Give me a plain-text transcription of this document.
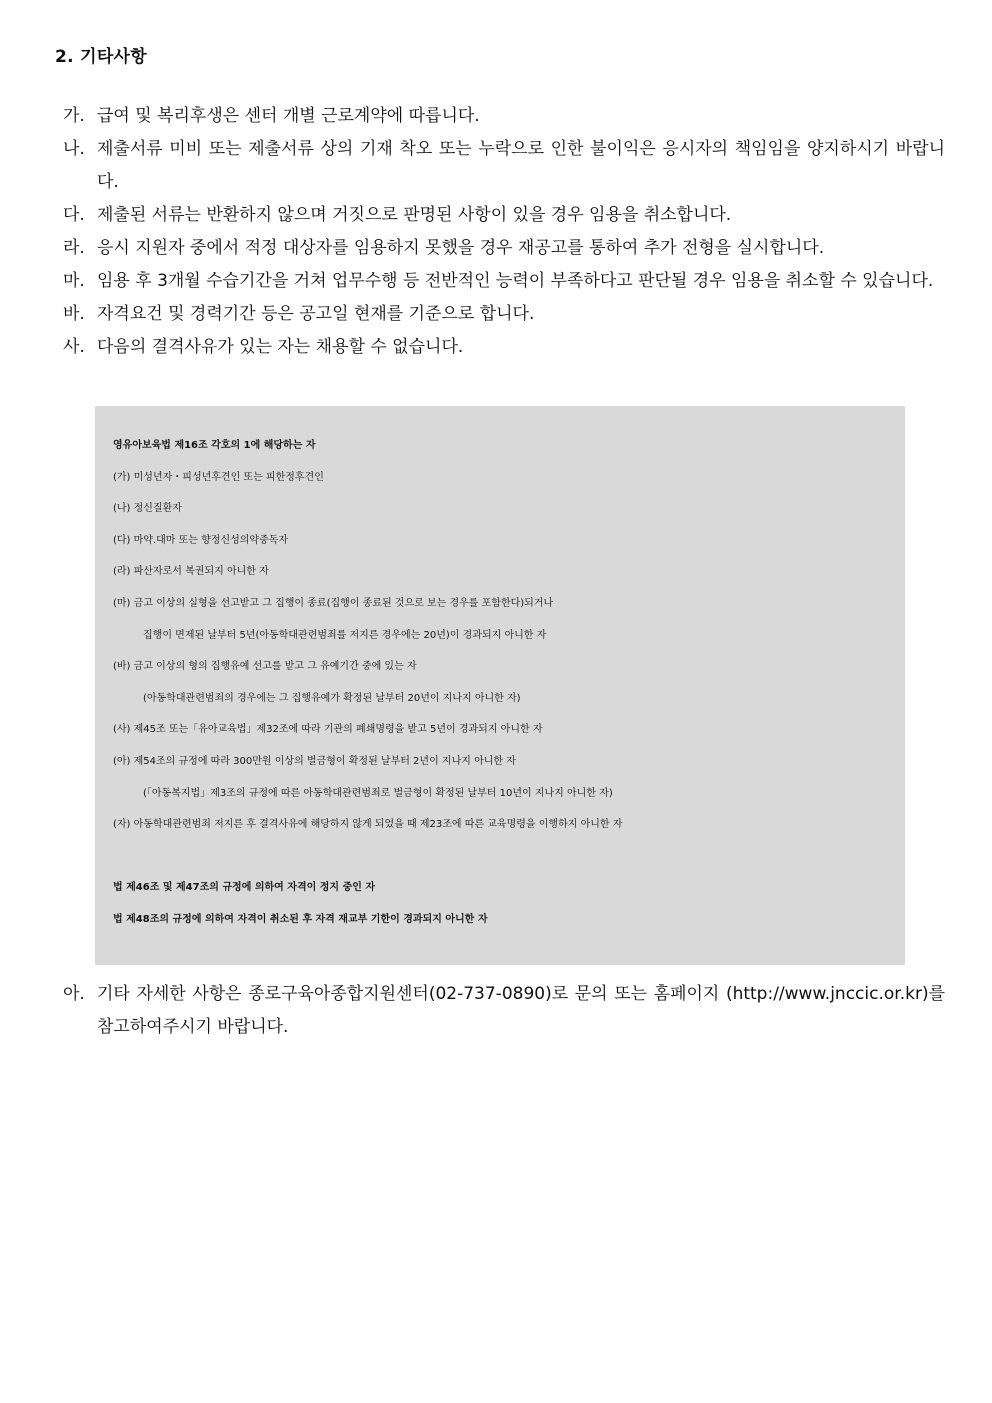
2. 기타사항
가. 급여 및 복리후생은 센터 개별 근로계약에 따릅니다.
나. 제출서류 미비 또는 제출서류 상의 기재 착오 또는 누락으로 인한 불이익은 응시자의 책임임을 양지하시기 바랍니다.
다. 제출된 서류는 반환하지 않으며 거짓으로 판명된 사항이 있을 경우 임용을 취소합니다.
라. 응시 지원자 중에서 적정 대상자를 임용하지 못했을 경우 재공고를 통하여 추가 전형을 실시합니다.
마. 임용 후 3개월 수습기간을 거쳐 업무수행 등 전반적인 능력이 부족하다고 판단될 경우 임용을 취소할 수 있습니다.
바. 자격요건 및 경력기간 등은 공고일 현재를 기준으로 합니다.
사. 다음의 결격사유가 있는 자는 채용할 수 없습니다.
영유아보육법 제16조 각호의 1에 해당하는 자
(가) 미성년자・피성년후견인 또는 피한정후견인
(나) 정신질환자
(다) 마약.대마 또는 향정신성의약중독자
(라) 파산자로서 복권되지 아니한 자
(마) 금고 이상의 실형을 선고받고 그 집행이 종료(집행이 종료된 것으로 보는 경우를 포함한다)되거나
집행이 면제된 날부터 5년(아동학대관련범죄를 저지른 경우에는 20년)이 경과되지 아니한 자
(바) 금고 이상의 형의 집행유예 선고를 받고 그 유예기간 중에 있는 자
(아동학대관련범죄의 경우에는 그 집행유예가 확정된 날부터 20년이 지나지 아니한 자)
(사) 제45조 또는「유아교육법」제32조에 따라 기관의 폐쇄명령을 받고 5년이 경과되지 아니한 자
(아) 제54조의 규정에 따라 300만원 이상의 벌금형이 확정된 날부터 2년이 지나지 아니한 자
(「아동복지법」제3조의 규정에 따른 아동학대관련범죄로 벌금형이 확정된 날부터 10년이 지나지 아니한 자)
(자) 아동학대관련범죄 저지른 후 결격사유에 해당하지 않게 되었을 때 제23조에 따른 교육명령을 이행하지 아니한 자
법 제46조 및 제47조의 규정에 의하여 자격이 정지 중인 자
법 제48조의 규정에 의하여 자격이 취소된 후 자격 재교부 기한이 경과되지 아니한 자
아. 기타 자세한 사항은 종로구육아종합지원센터(02-737-0890)로 문의 또는 홈페이지 (http://www.jnccic.or.kr)를 참고하여주시기 바랍니다.
